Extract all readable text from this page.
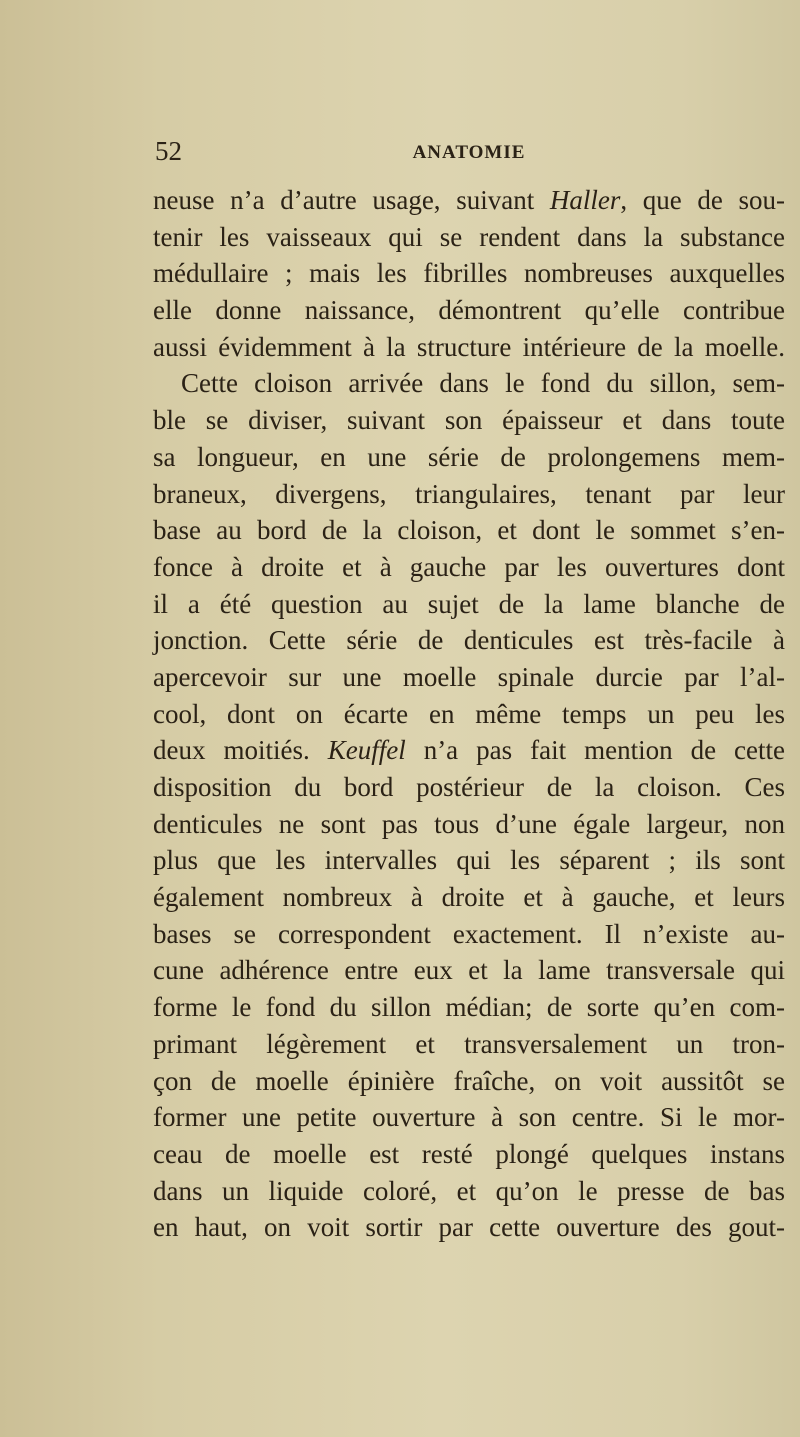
52	ANATOMIE
neuse n’a d’autre usage, suivant Haller, que de sou-
tenir les vaisseaux qui se rendent dans la substance
médullaire ; mais les fibrilles nombreuses auxquelles
elle donne naissance, démontrent qu’elle contribue
aussi évidemment à la structure intérieure de la moelle.
Cette cloison arrivée dans le fond du sillon, sem-
ble se diviser, suivant son épaisseur et dans toute
sa longueur, en une série de prolongemens mem-
braneux, divergens, triangulaires, tenant par leur
base au bord de la cloison, et dont le sommet s’en-
fonce à droite et à gauche par les ouvertures dont
il a été question au sujet de la lame blanche de
jonction. Cette série de denticules est très-facile à
apercevoir sur une moelle spinale durcie par l’al-
cool, dont on écarte en même temps un peu les
deux moitiés. Keuffel n’a pas fait mention de cette
disposition du bord postérieur de la cloison. Ces
denticules ne sont pas tous d’une égale largeur, non
plus que les intervalles qui les séparent ; ils sont
également nombreux à droite et à gauche, et leurs
bases se correspondent exactement. Il n’existe au-
cune adhérence entre eux et la lame transversale qui
forme le fond du sillon médian; de sorte qu’en com-
primant légèrement et transversalement un tron-
çon de moelle épinière fraîche, on voit aussitôt se
former une petite ouverture à son centre. Si le mor-
ceau de moelle est resté plongé quelques instans
dans un liquide coloré, et qu’on le presse de bas
en haut, on voit sortir par cette ouverture des gout-
